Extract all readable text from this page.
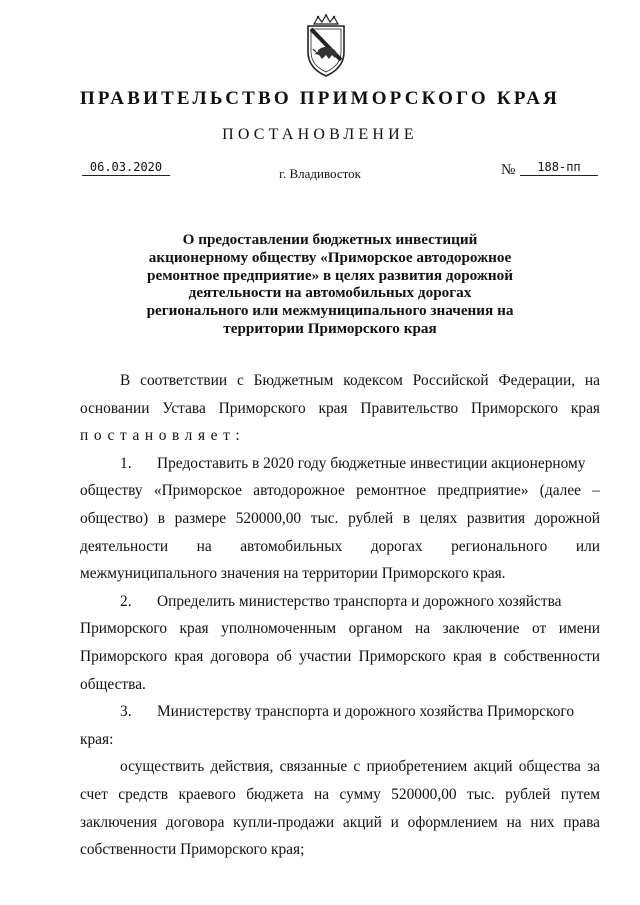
ПРАВИТЕЛЬСТВО ПРИМОРСКОГО КРАЯ
ПОСТАНОВЛЕНИЕ
06.03.2020	г. Владивосток	№	188-пп
О предоставлении бюджетных инвестиций
акционерному обществу «Приморское автодорожное
ремонтное предприятие» в целях развития дорожной
деятельности на автомобильных дорогах
регионального или межмуниципального значения на
территории Приморского края
В соответствии с Бюджетным кодексом Российской Федерации, на
основании Устава Приморского края Правительство Приморского края
постановляет:
1. Предоставить в 2020 году бюджетные инвестиции акционерному
обществу «Приморское автодорожное ремонтное предприятие» (далее –
общество) в размере 520000,00 тыс. рублей в целях развития дорожной
деятельности на автомобильных дорогах регионального или
межмуниципального значения на территории Приморского края.
2. Определить министерство транспорта и дорожного хозяйства
Приморского края уполномоченным органом на заключение от имени
Приморского края договора об участии Приморского края в собственности
общества.
3. Министерству транспорта и дорожного хозяйства Приморского
края:
осуществить действия, связанные с приобретением акций общества за
счет средств краевого бюджета на сумму 520000,00 тыс. рублей путем
заключения договора купли-продажи акций и оформлением на них права
собственности Приморского края;
